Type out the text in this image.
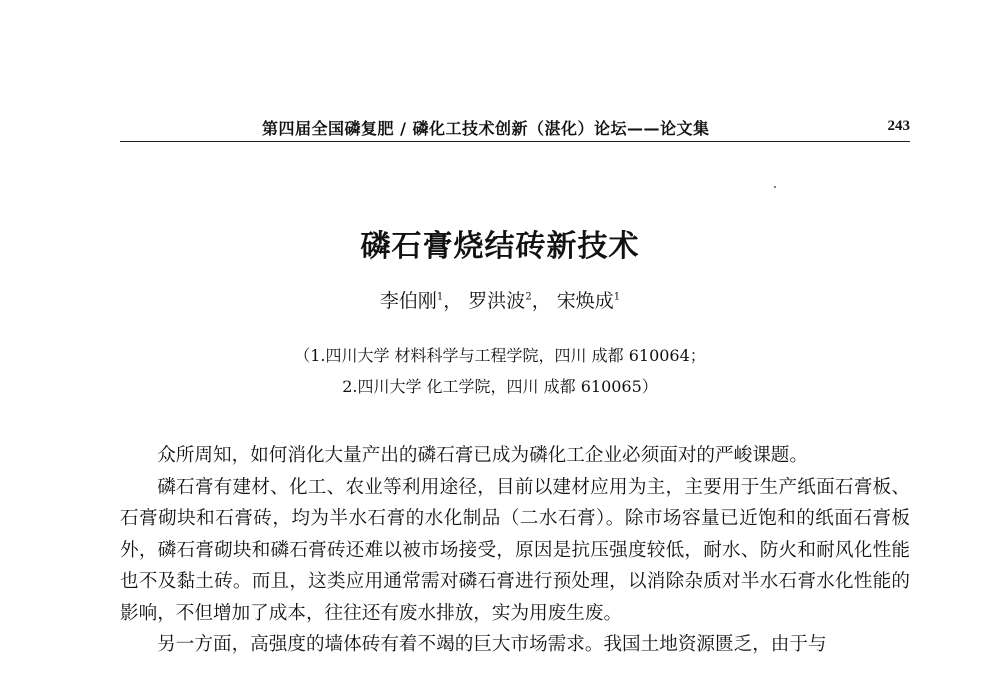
第四届全国磷复肥 / 磷化工技术创新（湛化）论坛——论文集	243
磷石膏烧结砖新技术
李伯刚$^1$， 罗洪波$^2$， 宋焕成$^1$
（1.四川大学 材料科学与工程学院，四川 成都 610064；
2.四川大学 化工学院，四川 成都 610065）

众所周知，如何消化大量产出的磷石膏已成为磷化工企业必须面对的严峻课题。

磷石膏有建材、化工、农业等利用途径，目前以建材应用为主，主要用于生产纸面石膏板、石膏砌块和石膏砖，均为半水石膏的水化制品（二水石膏）。除市场容量已近饱和的纸面石膏板外，磷石膏砌块和磷石膏砖还难以被市场接受，原因是抗压强度较低，耐水、防火和耐风化性能也不及黏土砖。而且，这类应用通常需对磷石膏进行预处理，以消除杂质对半水石膏水化性能的影响，不但增加了成本，往往还有废水排放，实为用废生废。

另一方面，高强度的墙体砖有着不竭的巨大市场需求。我国土地资源匮乏，由于与
